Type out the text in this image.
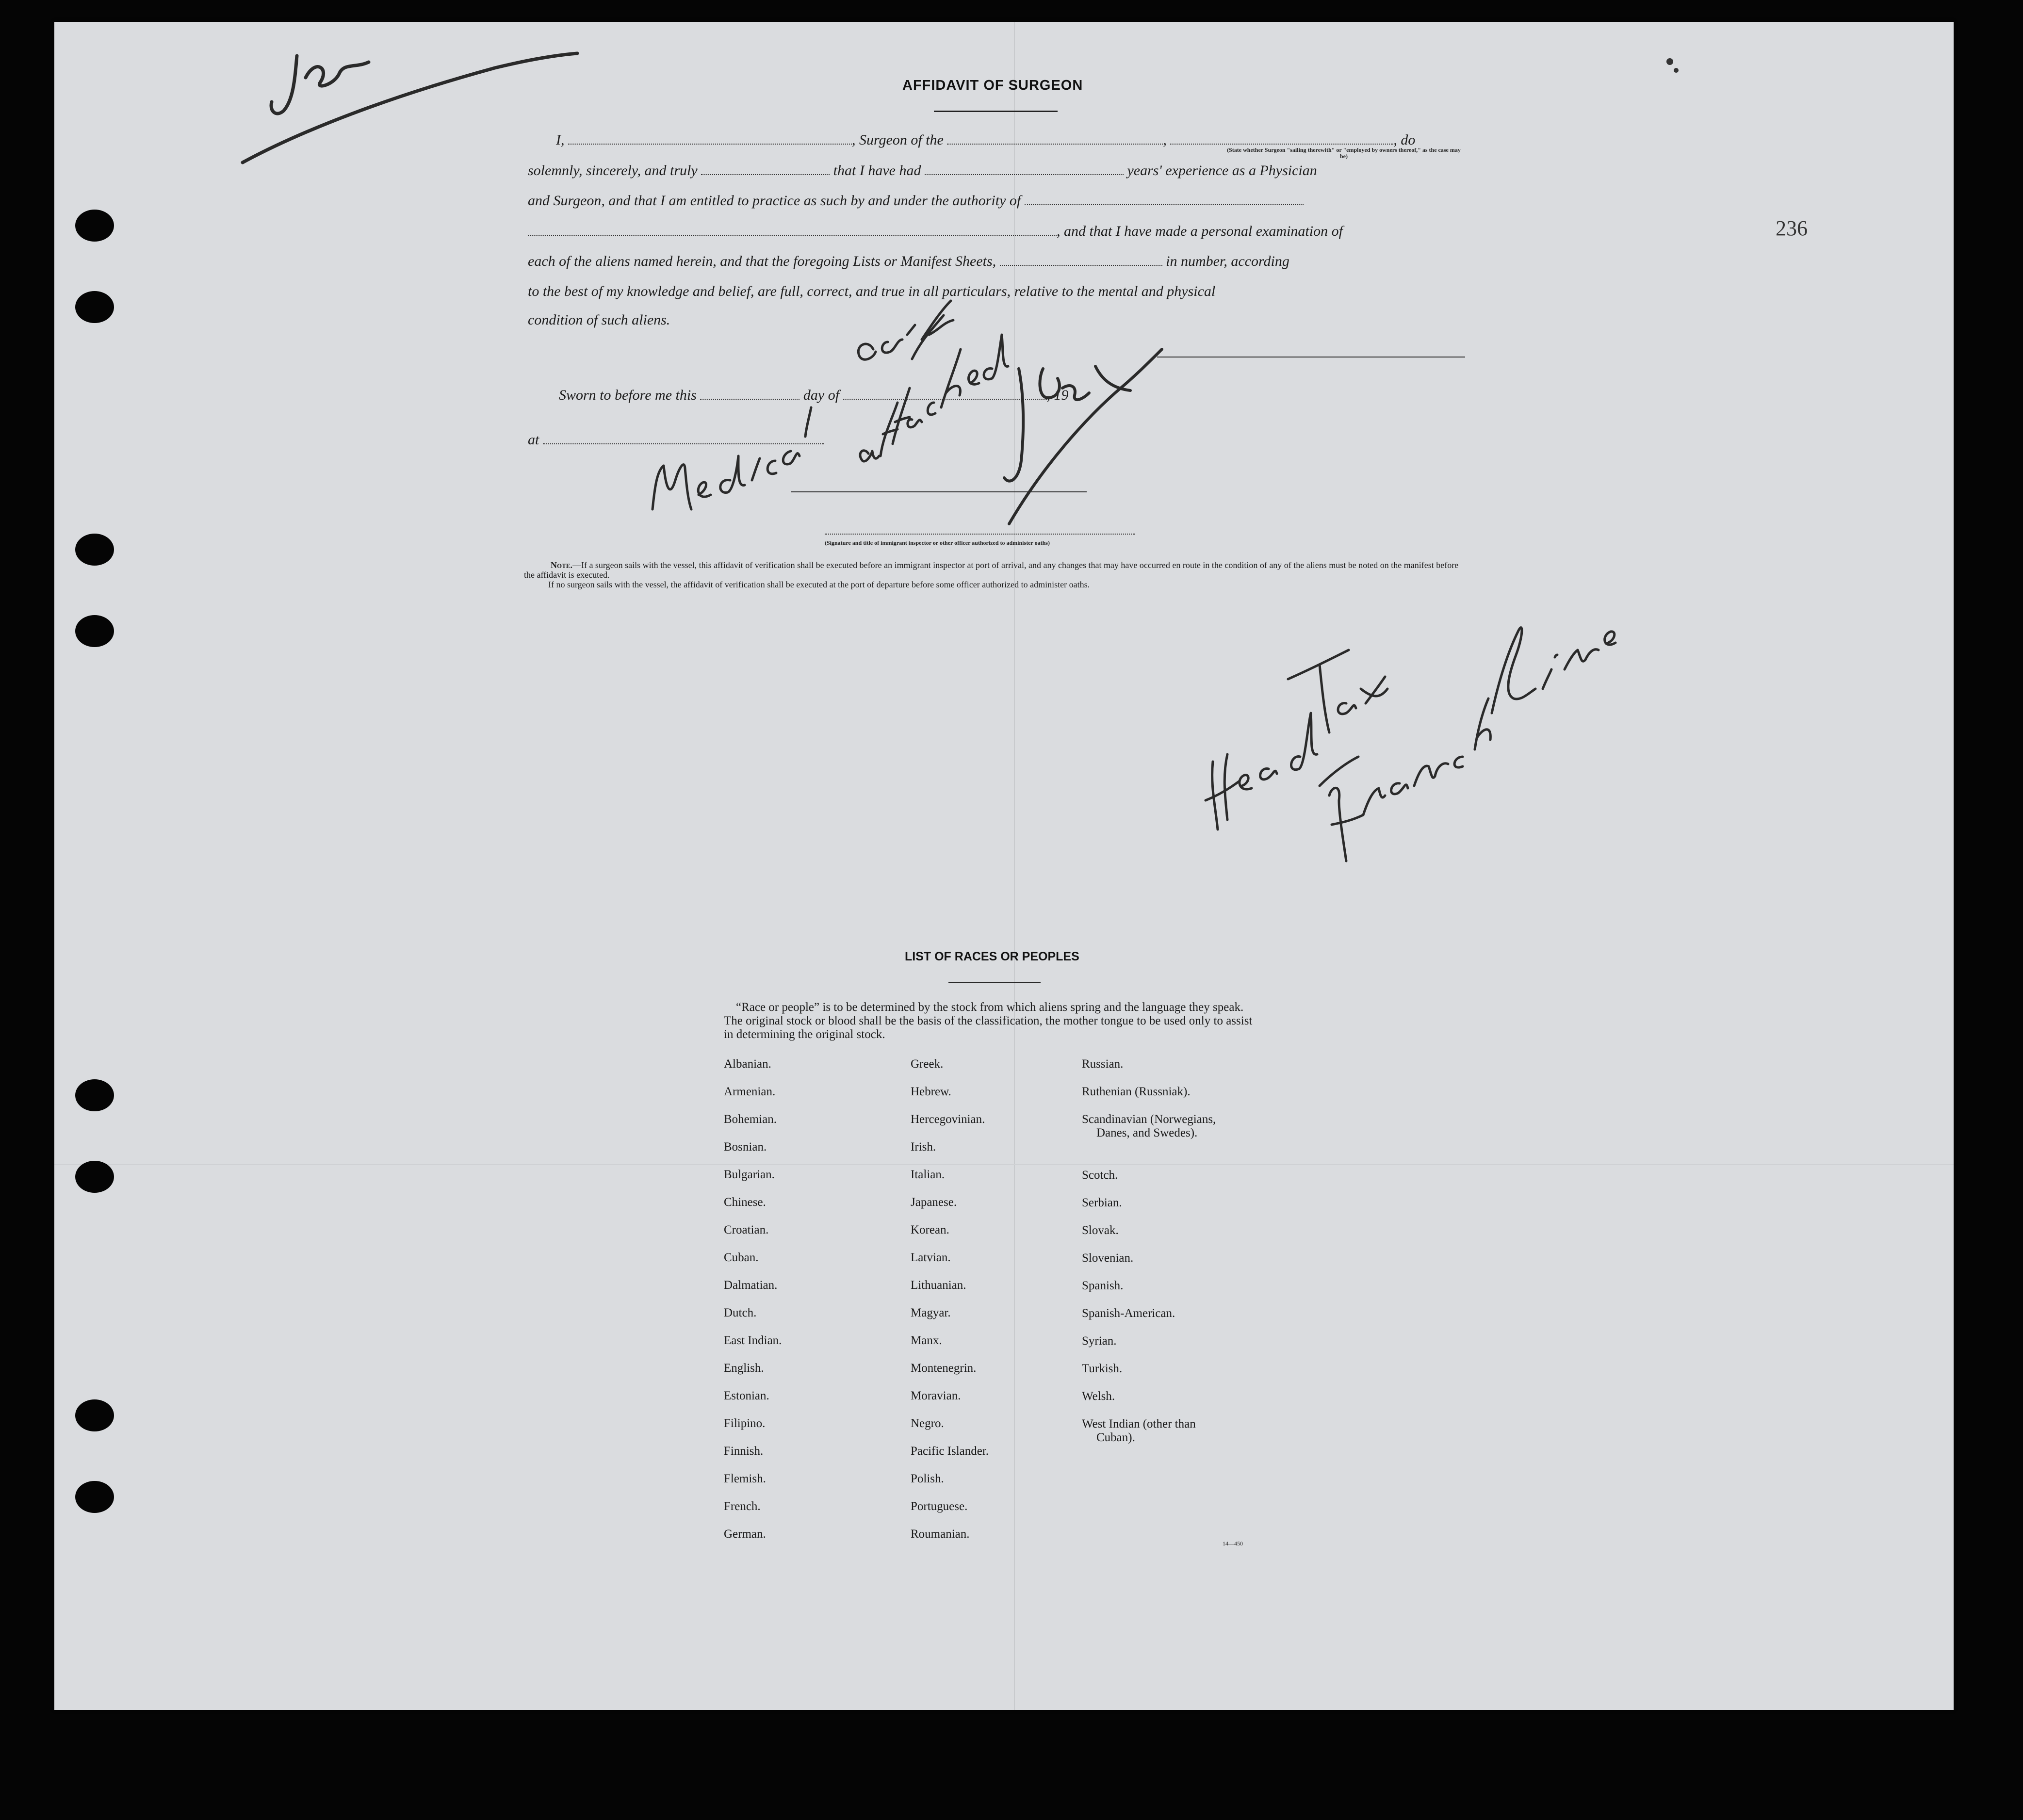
236
AFFIDAVIT OF SURGEON
I,	, Surgeon of the	,	, do
(State whether Surgeon "sailing therewith" or "employed by owners thereof," as the case may be)
solemnly, sincerely, and truly	that I have had	years' experience as a Physician
and Surgeon, and that I am entitled to practice as such by and under the authority of
, and that I have made a personal examination of
each of the aliens named herein, and that the foregoing Lists or Manifest Sheets,	in number, according
to the best of my knowledge and belief, are full, correct, and true in all particulars, relative to the mental and physical
condition of such aliens.
Sworn to before me this	day of	, 19
at
(Signature and title of immigrant inspector or other officer authorized to administer oaths)
Note.—If a surgeon sails with the vessel, this affidavit of verification shall be executed before an immigrant inspector at port of arrival, and any changes that may have occurred en route in the condition of any of the aliens must be noted on the manifest before the affidavit is executed.
If no surgeon sails with the vessel, the affidavit of verification shall be executed at the port of departure before some officer authorized to administer oaths.
LIST OF RACES OR PEOPLES
“Race or people” is to be determined by the stock from which aliens spring and the language they speak. The original stock or blood shall be the basis of the classification, the mother tongue to be used only to assist in determining the original stock.
Albanian.
Armenian.
Bohemian.
Bosnian.
Bulgarian.
Chinese.
Croatian.
Cuban.
Dalmatian.
Dutch.
East Indian.
English.
Estonian.
Filipino.
Finnish.
Flemish.
French.
German.
Greek.
Hebrew.
Hercegovinian.
Irish.
Italian.
Japanese.
Korean.
Latvian.
Lithuanian.
Magyar.
Manx.
Montenegrin.
Moravian.
Negro.
Pacific Islander.
Polish.
Portuguese.
Roumanian.
Russian.
Ruthenian (Russniak).
Scandinavian (Norwegians,
Danes, and Swedes).
Scotch.
Serbian.
Slovak.
Slovenian.
Spanish.
Spanish-American.
Syrian.
Turkish.
Welsh.
West Indian (other than
Cuban).
14—450
